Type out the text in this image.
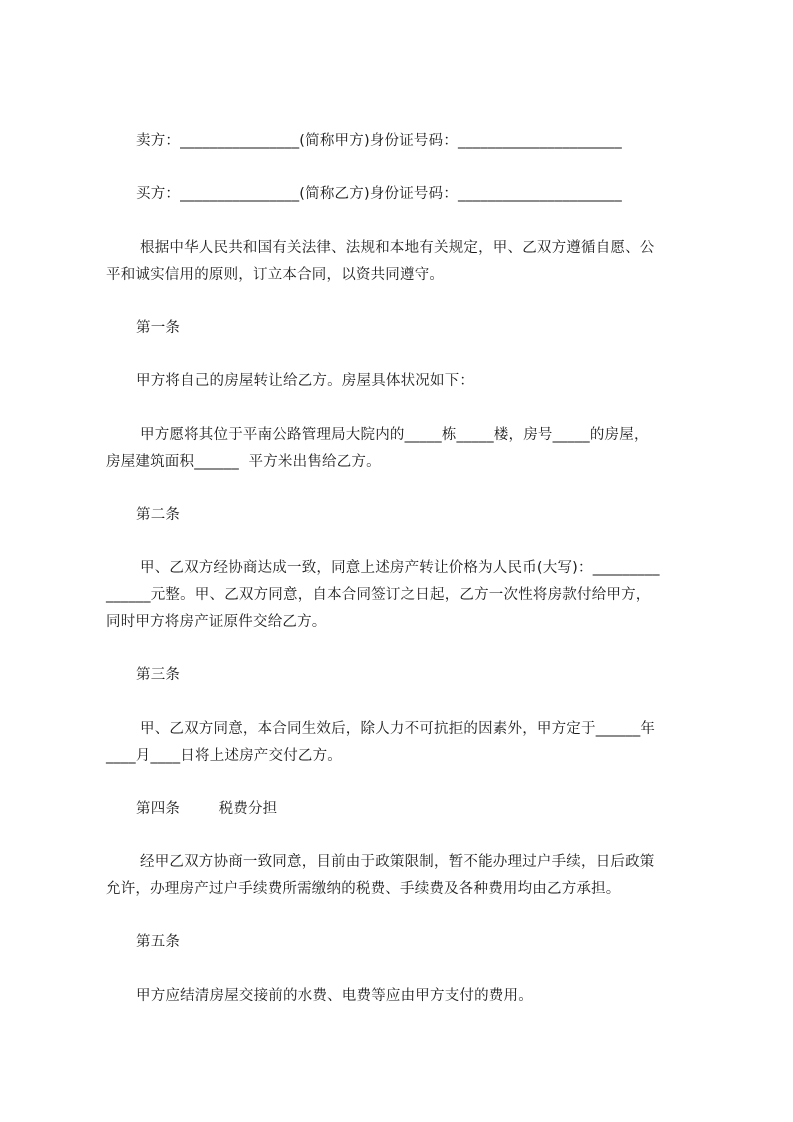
卖方：________________(简称甲方)身份证号码：______________________
买方：________________(简称乙方)身份证号码：______________________
根据中华人民共和国有关法律、法规和本地有关规定，甲、乙双方遵循自愿、公
平和诚实信用的原则，订立本合同，以资共同遵守。
第一条
甲方将自己的房屋转让给乙方。房屋具体状况如下：
甲方愿将其位于平南公路管理局大院内的_____栋_____楼，房号_____的房屋，
房屋建筑面积______  平方米出售给乙方。
第二条
甲、乙双方经协商达成一致，同意上述房产转让价格为人民币(大写)：_________
______元整。甲、乙双方同意，自本合同签订之日起，乙方一次性将房款付给甲方，
同时甲方将房产证原件交给乙方。
第三条
甲、乙双方同意，本合同生效后，除人力不可抗拒的因素外，甲方定于______年
____月____日将上述房产交付乙方。
第四条        税费分担
经甲乙双方协商一致同意，目前由于政策限制，暂不能办理过户手续，日后政策
允许，办理房产过户手续费所需缴纳的税费、手续费及各种费用均由乙方承担。
第五条
甲方应结清房屋交接前的水费、电费等应由甲方支付的费用。
